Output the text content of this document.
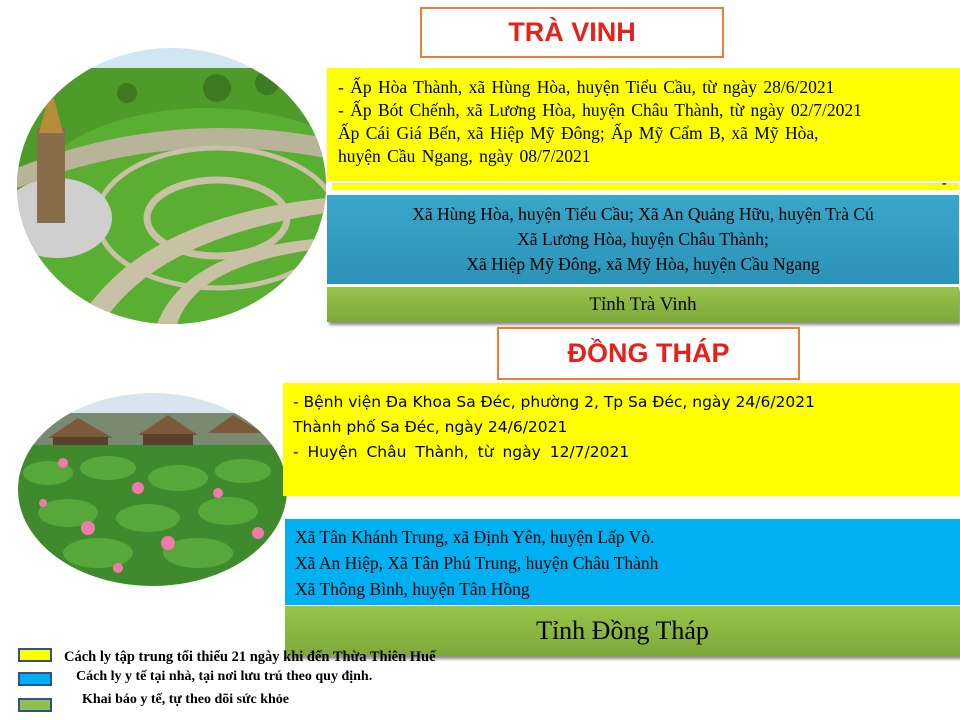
TRÀ VINH
- Ấp Hòa Thành, xã Hùng Hòa, huyện Tiểu Cầu, từ ngày 28/6/2021
- Ấp Bót Chếnh, xã Lương Hòa, huyện Châu Thành, từ ngày 02/7/2021
Ấp Cái Giá Bến, xã Hiệp Mỹ Đông; Ấp Mỹ Cẩm B, xã Mỹ Hòa,
huyện Cầu Ngang, ngày 08/7/2021
-
Xã Hùng Hòa, huyện Tiểu Cầu; Xã An Quảng Hữu, huyện Trà Cú
Xã Lương Hòa, huyện Châu Thành;
Xã Hiệp Mỹ Đông, xã Mỹ Hòa, huyện Cầu Ngang
Tỉnh Trà Vinh
ĐỒNG THÁP
- Bệnh viện Đa Khoa Sa Đéc, phường 2, Tp Sa Đéc, ngày 24/6/2021
Thành phố Sa Đéc, ngày 24/6/2021
- Huyện Châu Thành, từ ngày 12/7/2021
Xã Tân Khánh Trung, xã Định Yên, huyện Lấp Vò.
Xã An Hiệp, Xã Tân Phú Trung, huyện Châu Thành
Xã Thông Bình, huyện Tân Hồng
Tỉnh Đồng Tháp
Cách ly tập trung tối thiểu 21 ngày khi đến Thừa Thiên Huế
Cách ly y tế tại nhà, tại nơi lưu trú theo quy định.
Khai báo y tế, tự theo dõi sức khỏe
